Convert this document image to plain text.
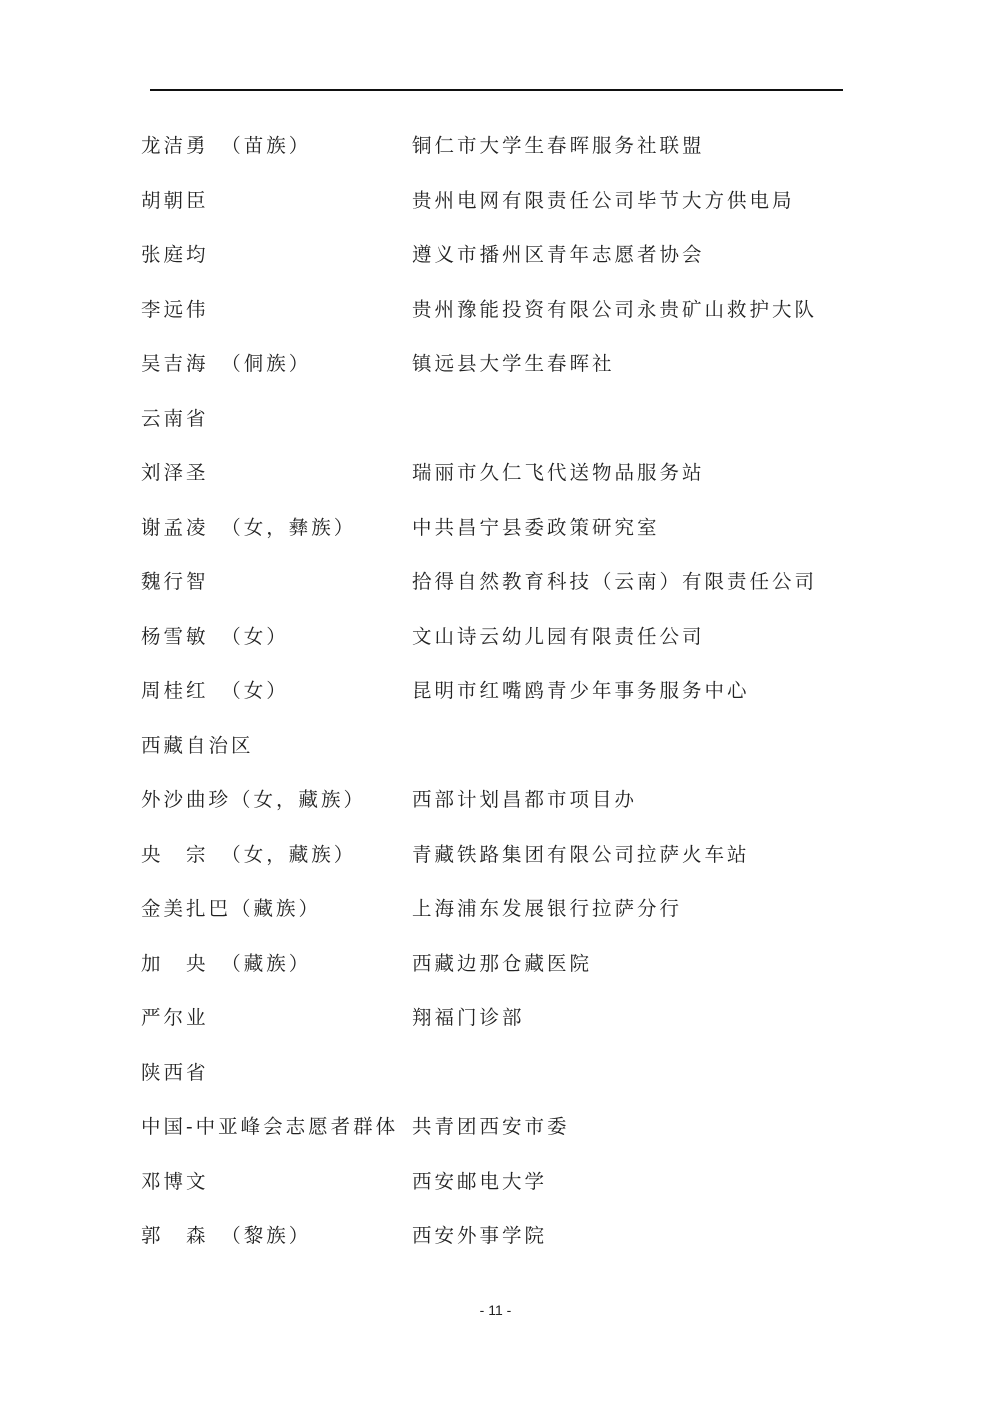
龙洁勇　（苗族）	铜仁市大学生春晖服务社联盟
胡朝臣	贵州电网有限责任公司毕节大方供电局
张庭均	遵义市播州区青年志愿者协会
李远伟	贵州豫能投资有限公司永贵矿山救护大队
吴吉海　（侗族）	镇远县大学生春晖社
云南省
刘泽圣	瑞丽市久仁飞代送物品服务站
谢孟凌　（女，彝族）	中共昌宁县委政策研究室
魏行智	拾得自然教育科技（云南）有限责任公司
杨雪敏　（女）	文山诗云幼儿园有限责任公司
周桂红　（女）	昆明市红嘴鸥青少年事务服务中心
西藏自治区
外沙曲珍（女，藏族） 西部计划昌都市项目办
央　宗　（女，藏族）	青藏铁路集团有限公司拉萨火车站
金美扎巴（藏族）	上海浦东发展银行拉萨分行
加　央　（藏族）	西藏边那仓藏医院
严尔业	翔福门诊部
陕西省
中国-中亚峰会志愿者群体 共青团西安市委
邓博文	西安邮电大学
郭　森　（黎族）	西安外事学院
- 11 -
